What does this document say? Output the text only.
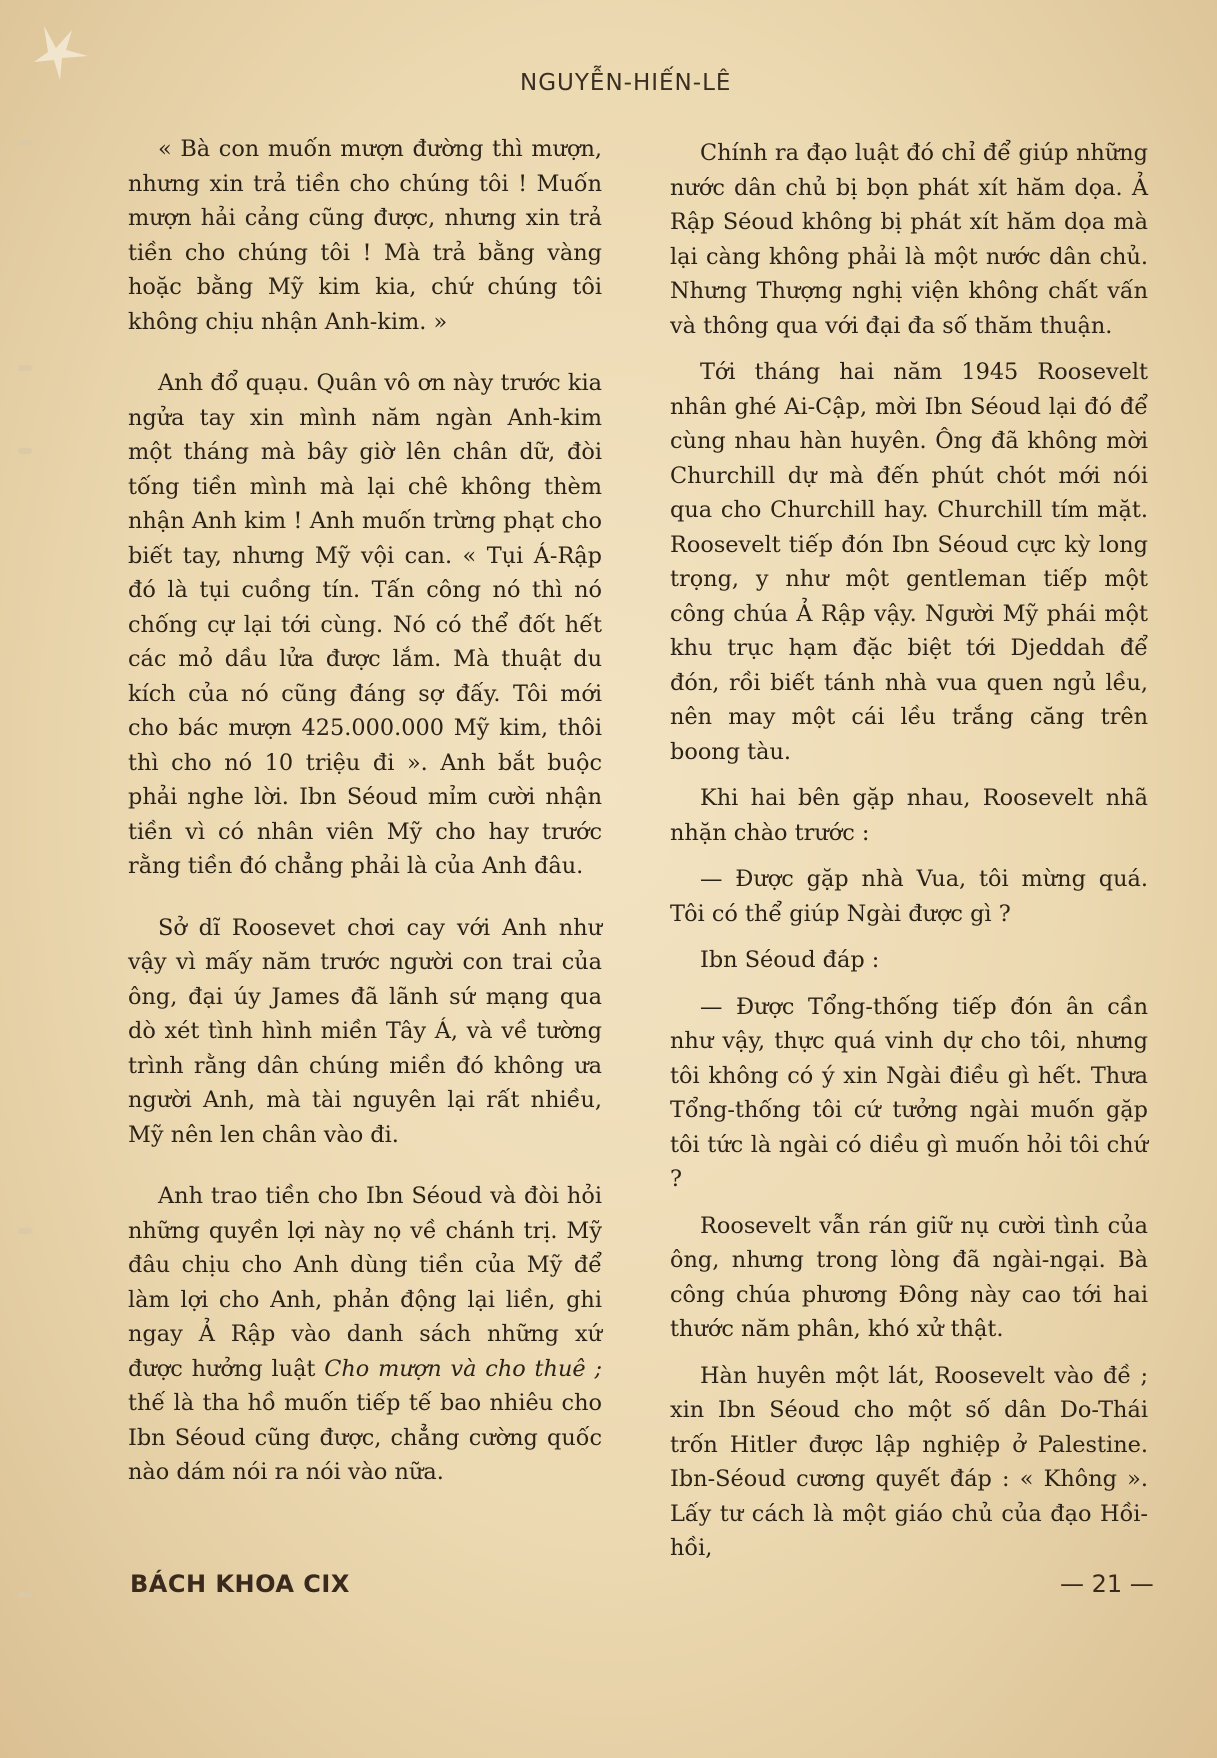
NGUYỄN-HIẾN-LÊ

« Bà con muốn mượn đường thì mượn, nhưng xin trả tiền cho chúng tôi ! Muốn mượn hải cảng cũng được, nhưng xin trả tiền cho chúng tôi ! Mà trả bằng vàng hoặc bằng Mỹ kim kia, chứ chúng tôi không chịu nhận Anh-kim. »

Anh đổ quạu. Quân vô ơn này trước kia ngửa tay xin mình năm ngàn Anh-kim một tháng mà bây giờ lên chân dữ, đòi tống tiền mình mà lại chê không thèm nhận Anh kim ! Anh muốn trừng phạt cho biết tay, nhưng Mỹ vội can. « Tụi Á-Rập đó là tụi cuồng tín. Tấn công nó thì nó chống cự lại tới cùng. Nó có thể đốt hết các mỏ dầu lửa được lắm. Mà thuật du kích của nó cũng đáng sợ đấy. Tôi mới cho bác mượn 425.000.000 Mỹ kim, thôi thì cho nó 10 triệu đi ». Anh bắt buộc phải nghe lời. Ibn Séoud mỉm cười nhận tiền vì có nhân viên Mỹ cho hay trước rằng tiền đó chẳng phải là của Anh đâu.

Sở dĩ Roosevet chơi cay với Anh như vậy vì mấy năm trước người con trai của ông, đại úy James đã lãnh sứ mạng qua dò xét tình hình miền Tây Á, và về tường trình rằng dân chúng miền đó không ưa người Anh, mà tài nguyên lại rất nhiều, Mỹ nên len chân vào đi.

Anh trao tiền cho Ibn Séoud và đòi hỏi những quyền lợi này nọ về chánh trị. Mỹ đâu chịu cho Anh dùng tiền của Mỹ để làm lợi cho Anh, phản động lại liền, ghi ngay Ả Rập vào danh sách những xứ được hưởng luật Cho mượn và cho thuê ; thế là tha hồ muốn tiếp tế bao nhiêu cho Ibn Séoud cũng được, chẳng cường quốc nào dám nói ra nói vào nữa.

Chính ra đạo luật đó chỉ để giúp những nước dân chủ bị bọn phát xít hăm dọa. Ả Rập Séoud không bị phát xít hăm dọa mà lại càng không phải là một nước dân chủ. Nhưng Thượng nghị viện không chất vấn và thông qua với đại đa số thăm thuận.

Tới tháng hai năm 1945 Roosevelt nhân ghé Ai-Cập, mời Ibn Séoud lại đó để cùng nhau hàn huyên. Ông đã không mời Churchill dự mà đến phút chót mới nói qua cho Churchill hay. Churchill tím mặt. Roosevelt tiếp đón Ibn Séoud cực kỳ long trọng, y như một gentleman tiếp một công chúa Ả Rập vậy. Người Mỹ phái một khu trục hạm đặc biệt tới Djeddah để đón, rồi biết tánh nhà vua quen ngủ lều, nên may một cái lều trắng căng trên boong tàu.

Khi hai bên gặp nhau, Roosevelt nhã nhặn chào trước :

— Được gặp nhà Vua, tôi mừng quá. Tôi có thể giúp Ngài được gì ?

Ibn Séoud đáp :

— Được Tổng-thống tiếp đón ân cần như vậy, thực quá vinh dự cho tôi, nhưng tôi không có ý xin Ngài điều gì hết. Thưa Tổng-thống tôi cứ tưởng ngài muốn gặp tôi tức là ngài có diều gì muốn hỏi tôi chứ ?

Roosevelt vẫn rán giữ nụ cười tình của ông, nhưng trong lòng đã ngài-ngại. Bà công chúa phương Đông này cao tới hai thước năm phân, khó xử thật.

Hàn huyên một lát, Roosevelt vào đề ; xin Ibn Séoud cho một số dân Do-Thái trốn Hitler được lập nghiệp ở Palestine. Ibn-Séoud cương quyết đáp : « Không ». Lấy tư cách là một giáo chủ của đạo Hồi-hồi,

BÁCH KHOA CIX	— 21 —
